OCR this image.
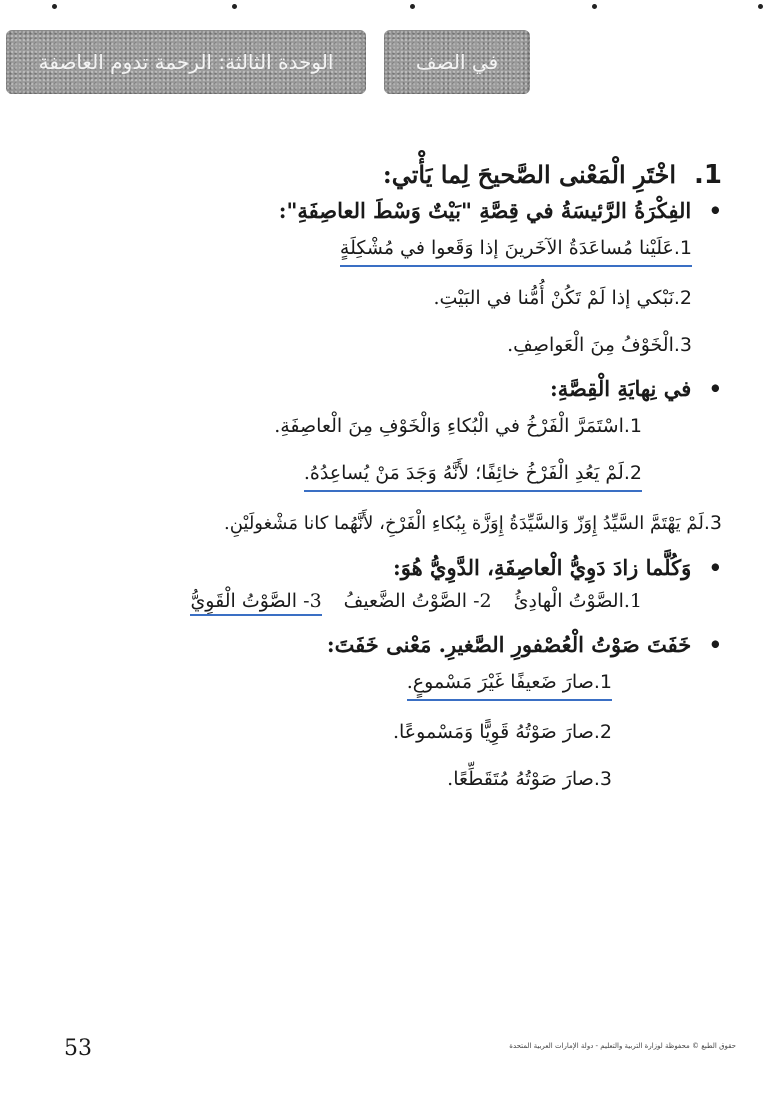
الوحدة الثالثة: الرحمة تدوم العاصفة	في الصف
1.
اخْتَرِ الْمَعْنى الصَّحيحَ لِما يَأْتي:
• الفِكْرَةُ الرَّئيسَةُ في قِصَّةِ "بَيْتٌ وَسْطَ العاصِفَةِ":
1.عَلَيْنا مُساعَدَةُ الآخَرينَ إذا وَقَعوا في مُشْكِلَةٍ
2.نَبْكي إذا لَمْ تَكُنْ أُمُّنا في البَيْتِ.
3.الْخَوْفُ مِنَ الْعَواصِفِ.
• في نِهايَةِ الْقِصَّةِ:
1.اسْتَمَرَّ الْفَرْخُ في الْبُكاءِ وَالْخَوْفِ مِنَ الْعاصِفَةِ.
2.لَمْ يَعُدِ الْفَرْخُ خائِفًا؛ لأَنَّهُ وَجَدَ مَنْ يُساعِدُهُ.
3.لَمْ يَهْتَمَّ السَّيِّدُ إِوَزّ وَالسَّيِّدَةُ إِوَزَّة بِبُكاءِ الْفَرْخِ، لأَنَّهُما كانا مَشْغولَيْنِ.
• وَكُلَّما زادَ دَوِيُّ الْعاصِفَةِ، الدَّوِيُّ هُوَ:
1.الصَّوْتُ الْهادِئُ
2- الصَّوْتُ الضَّعيفُ
3- الصَّوْتُ الْقَوِيُّ
• خَفَتَ صَوْتُ الْعُصْفورِ الصَّغيرِ. مَعْنى خَفَتَ:
1.صارَ ضَعيفًا غَيْرَ مَسْموعٍ.
2.صارَ صَوْتُهُ قَوِيًّا وَمَسْموعًا.
3.صارَ صَوْتُهُ مُتَقَطِّعًا.
53	حقوق الطبع © محفوظة لوزارة التربية والتعليم - دولة الإمارات العربية المتحدة
